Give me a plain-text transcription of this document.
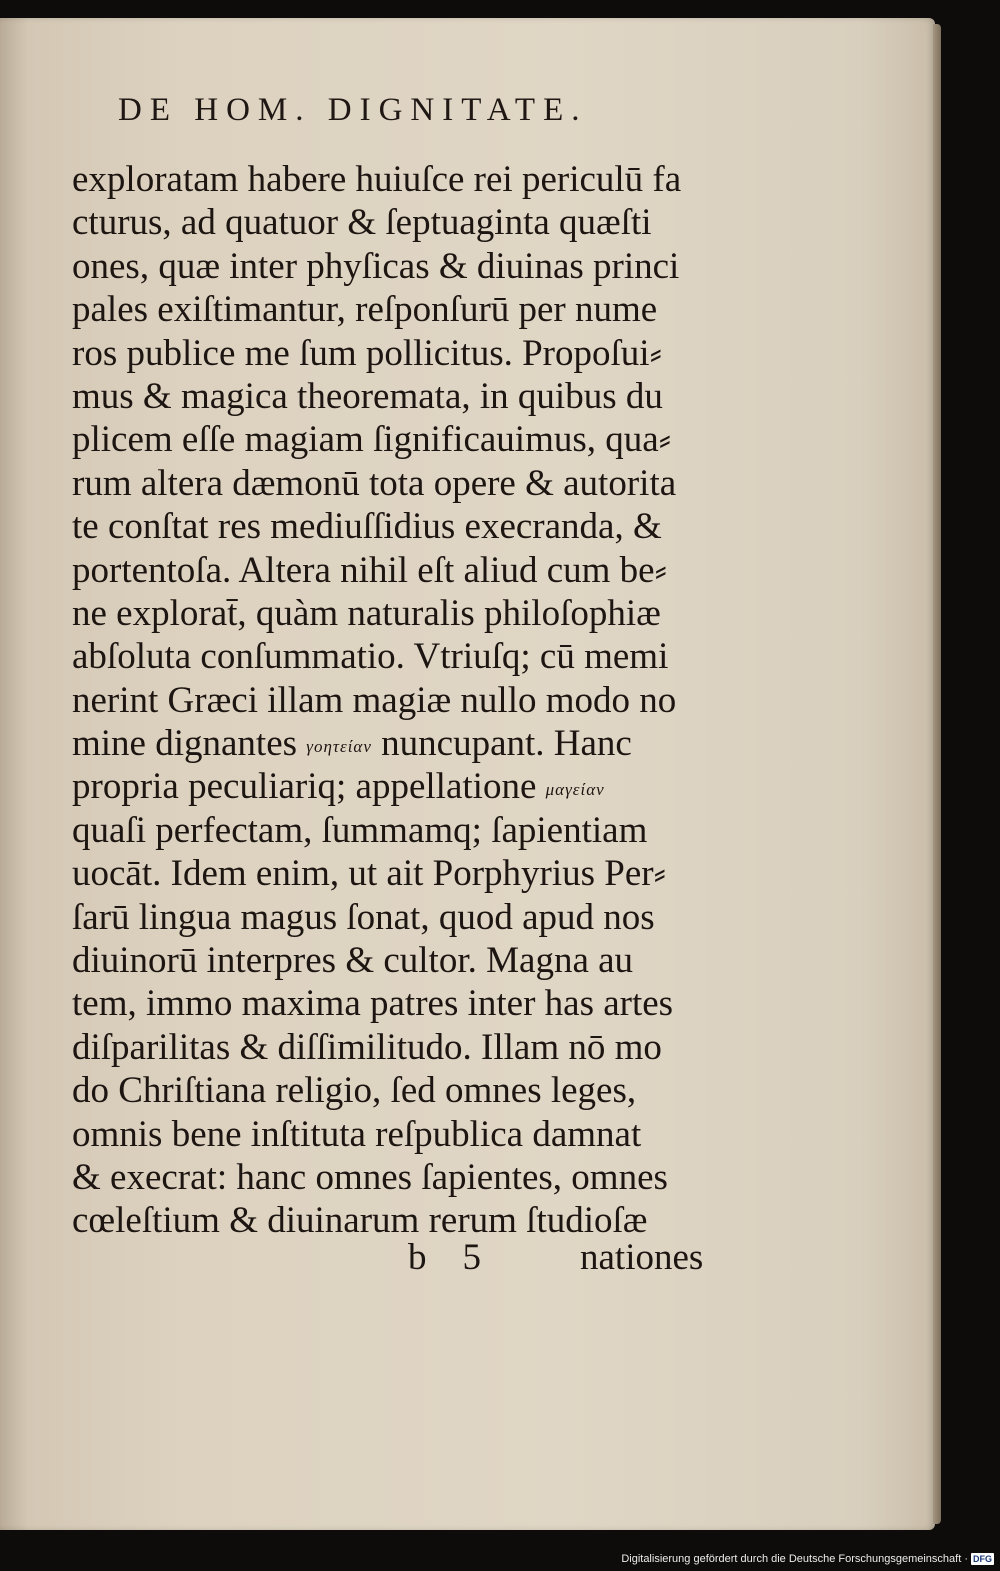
DE HOM. DIGNITATE.
exploratam habere huiuſce rei periculū fa
cturus, ad quatuor & ſeptuaginta quæſti
ones, quæ inter phyſicas & diuinas princi
pales exiſtimantur, reſponſurū per nume
ros publice me ſum pollicitus. Propoſui⸗
mus & magica theoremata, in quibus du
plicem eſſe magiam ſignificauimus, qua⸗
rum altera dæmonū tota opere & autorita
te conſtat res mediuſſidius execranda, &
portentoſa. Altera nihil eſt aliud cum be⸗
ne explorat̄, quàm naturalis philoſophiæ
abſoluta conſummatio. Vtriuſq; cū memi
nerint Græci illam magiæ nullo modo no
mine dignantes γοητείαν nuncupant. Hanc
propria peculiariq; appellatione μαγείαν
quaſi perfectam, ſummamq; ſapientiam
uocāt. Idem enim, ut ait Porphyrius Per⸗
ſarū lingua magus ſonat, quod apud nos
diuinorū interpres & cultor. Magna au
tem, immo maxima patres inter has artes
diſparilitas & diſſimilitudo. Illam nō mo
do Chriſtiana religio, ſed omnes leges,
omnis bene inſtituta reſpublica damnat
& execrat: hanc omnes ſapientes, omnes
cœleſtium & diuinarum rerum ſtudioſæ
b 5	nationes
Digitalisierung gefördert durch die Deutsche Forschungsgemeinschaft · DFG
